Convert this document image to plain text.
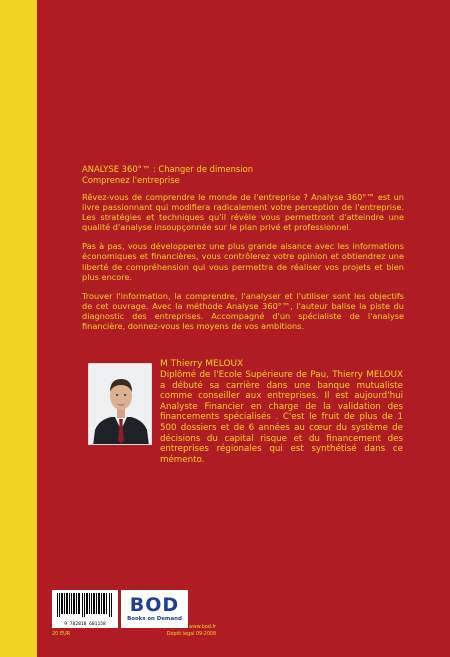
ANALYSE 360°™ : Changer de dimension
Comprenez l'entreprise

Rêvez-vous de comprendre le monde de l'entreprise ? Analyse 360°™ est un livre passionnant qui modifiera radicalement votre perception de l'entreprise. Les stratégies et techniques qu'il révèle vous permettront d'atteindre une qualité d'analyse insoupçonnée sur le plan privé et professionnel.

Pas à pas, vous développerez une plus grande aisance avec les informations économiques et financières, vous contrôlerez votre opinion et obtiendrez une liberté de compréhension qui vous permettra de réaliser vos projets et bien plus encore.

Trouver l'information, la comprendre, l'analyser et l'utiliser sont les objectifs de cet ouvrage. Avec la méthode Analyse 360°™, l'auteur balise la piste du diagnostic des entreprises. Accompagné d'un spécialiste de l'analyse financière, donnez-vous les moyens de vos ambitions.

M Thierry MELOUX

Diplômé de l'Ecole Supérieure de Pau, Thierry MELOUX a débuté sa carrière dans une banque mutualiste comme conseiller aux entreprises. Il est aujourd'hui Analyste Financier en charge de la validation des financements spécialisés . C'est le fruit de plus de 1 500 dossiers et de 6 années au cœur du système de décisions du capital risque et du financement des entreprises régionales qui est synthétisé dans ce mémento.

9 782810 601158
20 EUR
BOD
Books on Demand
www.bod.fr
Dépôt légal 09-2008
